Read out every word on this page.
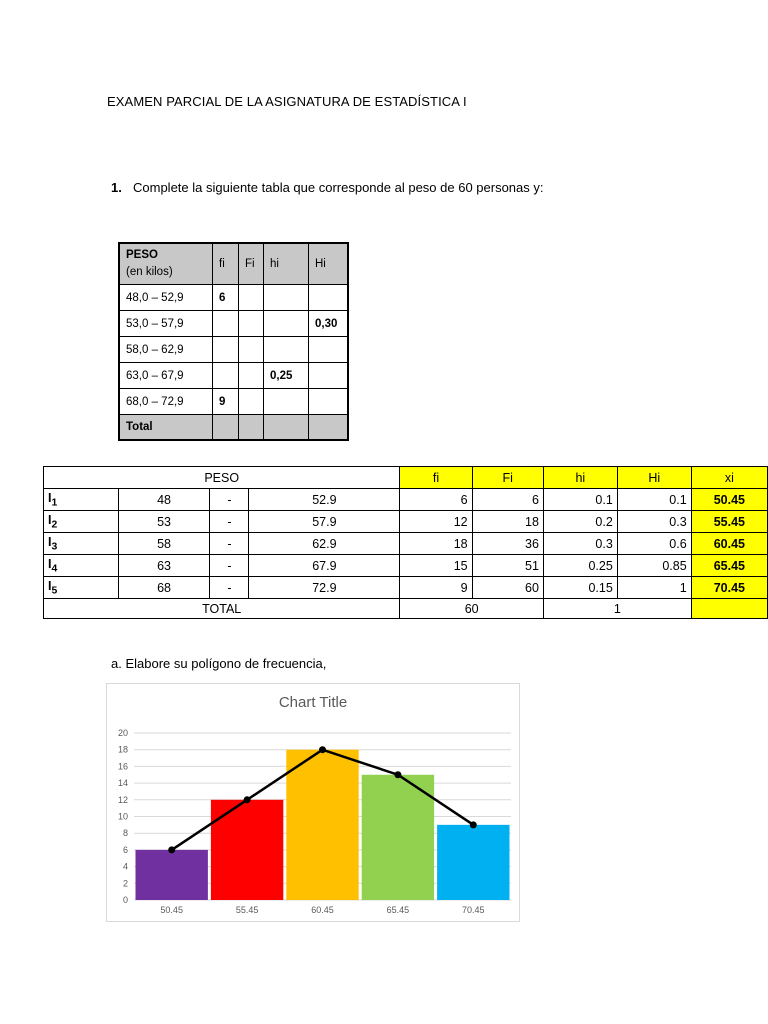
EXAMEN PARCIAL DE LA ASIGNATURA DE ESTADÍSTICA I
1. Complete la siguiente tabla que corresponde al peso de 60 personas y:
PESO
(en kilos)	fi	Fi	hi	Hi
48,0 – 52,9	6			
53,0 – 57,9				0,30
58,0 – 62,9				
63,0 – 67,9			0,25	
68,0 – 72,9	9			
Total				
PESO				fi	Fi	hi	Hi	xi
$I_1$	48	-	52.9	6	6	0.1	0.1	50.45
$I_2$	53	-	57.9	12	18	0.2	0.3	55.45
$I_3$	58	-	62.9	18	36	0.3	0.6	60.45
$I_4$	63	-	67.9	15	51	0.25	0.85	65.45
$I_5$	68	-	72.9	9	60	0.15	1	70.45
TOTAL				60		1		
a. Elabore su polígono de frecuencia,
Chart Title
0
2
4
6
8
10
12
14
16
18
20
50.45	55.45	60.45	65.45	70.45
